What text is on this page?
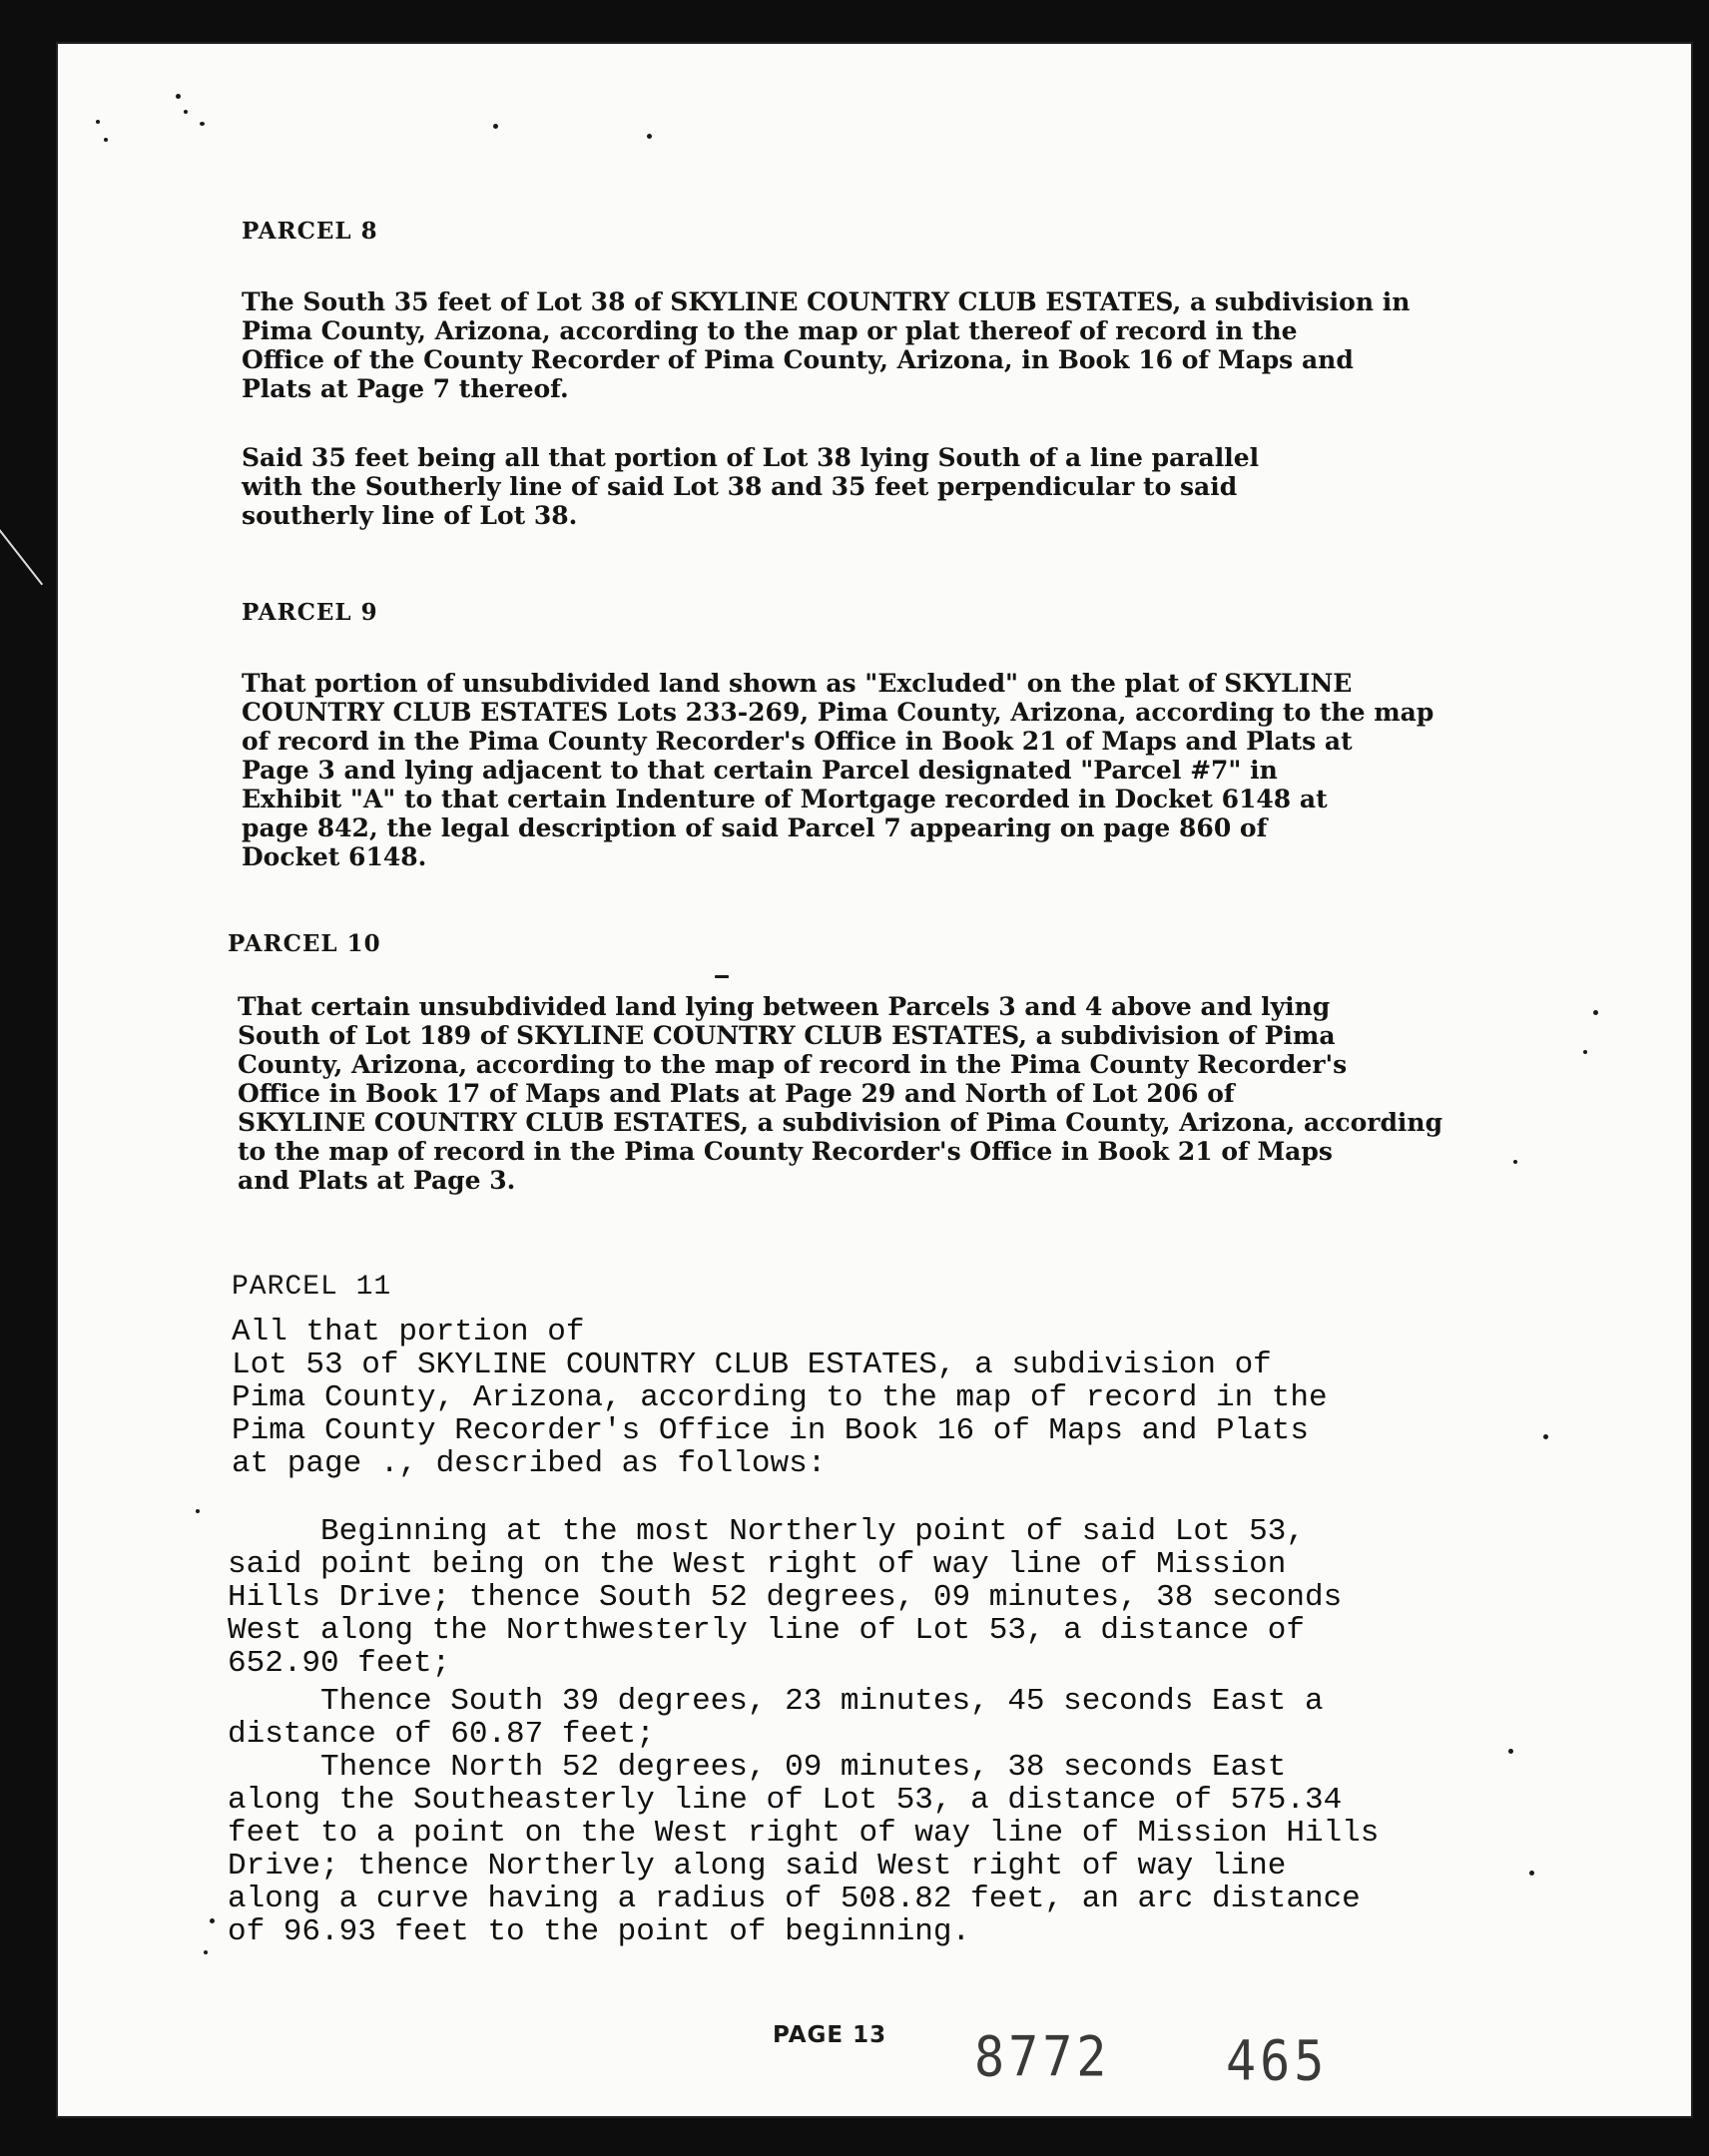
PARCEL 8
The South 35 feet of Lot 38 of SKYLINE COUNTRY CLUB ESTATES, a subdivision in
Pima County, Arizona, according to the map or plat thereof of record in the
Office of the County Recorder of Pima County, Arizona, in Book 16 of Maps and
Plats at Page 7 thereof.
Said 35 feet being all that portion of Lot 38 lying South of a line parallel
with the Southerly line of said Lot 38 and 35 feet perpendicular to said
southerly line of Lot 38.
PARCEL 9
That portion of unsubdivided land shown as "Excluded" on the plat of SKYLINE
COUNTRY CLUB ESTATES Lots 233-269, Pima County, Arizona, according to the map
of record in the Pima County Recorder's Office in Book 21 of Maps and Plats at
Page 3 and lying adjacent to that certain Parcel designated "Parcel #7" in
Exhibit "A" to that certain Indenture of Mortgage recorded in Docket 6148 at
page 842, the legal description of said Parcel 7 appearing on page 860 of
Docket 6148.
PARCEL 10
That certain unsubdivided land lying between Parcels 3 and 4 above and lying
South of Lot 189 of SKYLINE COUNTRY CLUB ESTATES, a subdivision of Pima
County, Arizona, according to the map of record in the Pima County Recorder's
Office in Book 17 of Maps and Plats at Page 29 and North of Lot 206 of
SKYLINE COUNTRY CLUB ESTATES, a subdivision of Pima County, Arizona, according
to the map of record in the Pima County Recorder's Office in Book 21 of Maps
and Plats at Page 3.
PARCEL 11
All that portion of
Lot 53 of SKYLINE COUNTRY CLUB ESTATES, a subdivision of
Pima County, Arizona, according to the map of record in the
Pima County Recorder's Office in Book 16 of Maps and Plats
at page ., described as follows:
Beginning at the most Northerly point of said Lot 53,
said point being on the West right of way line of Mission
Hills Drive; thence South 52 degrees, 09 minutes, 38 seconds
West along the Northwesterly line of Lot 53, a distance of
652.90 feet;
Thence South 39 degrees, 23 minutes, 45 seconds East a
distance of 60.87 feet;
Thence North 52 degrees, 09 minutes, 38 seconds East
along the Southeasterly line of Lot 53, a distance of 575.34
feet to a point on the West right of way line of Mission Hills
Drive; thence Northerly along said West right of way line
along a curve having a radius of 508.82 feet, an arc distance
of 96.93 feet to the point of beginning.
PAGE 13 8772 465
